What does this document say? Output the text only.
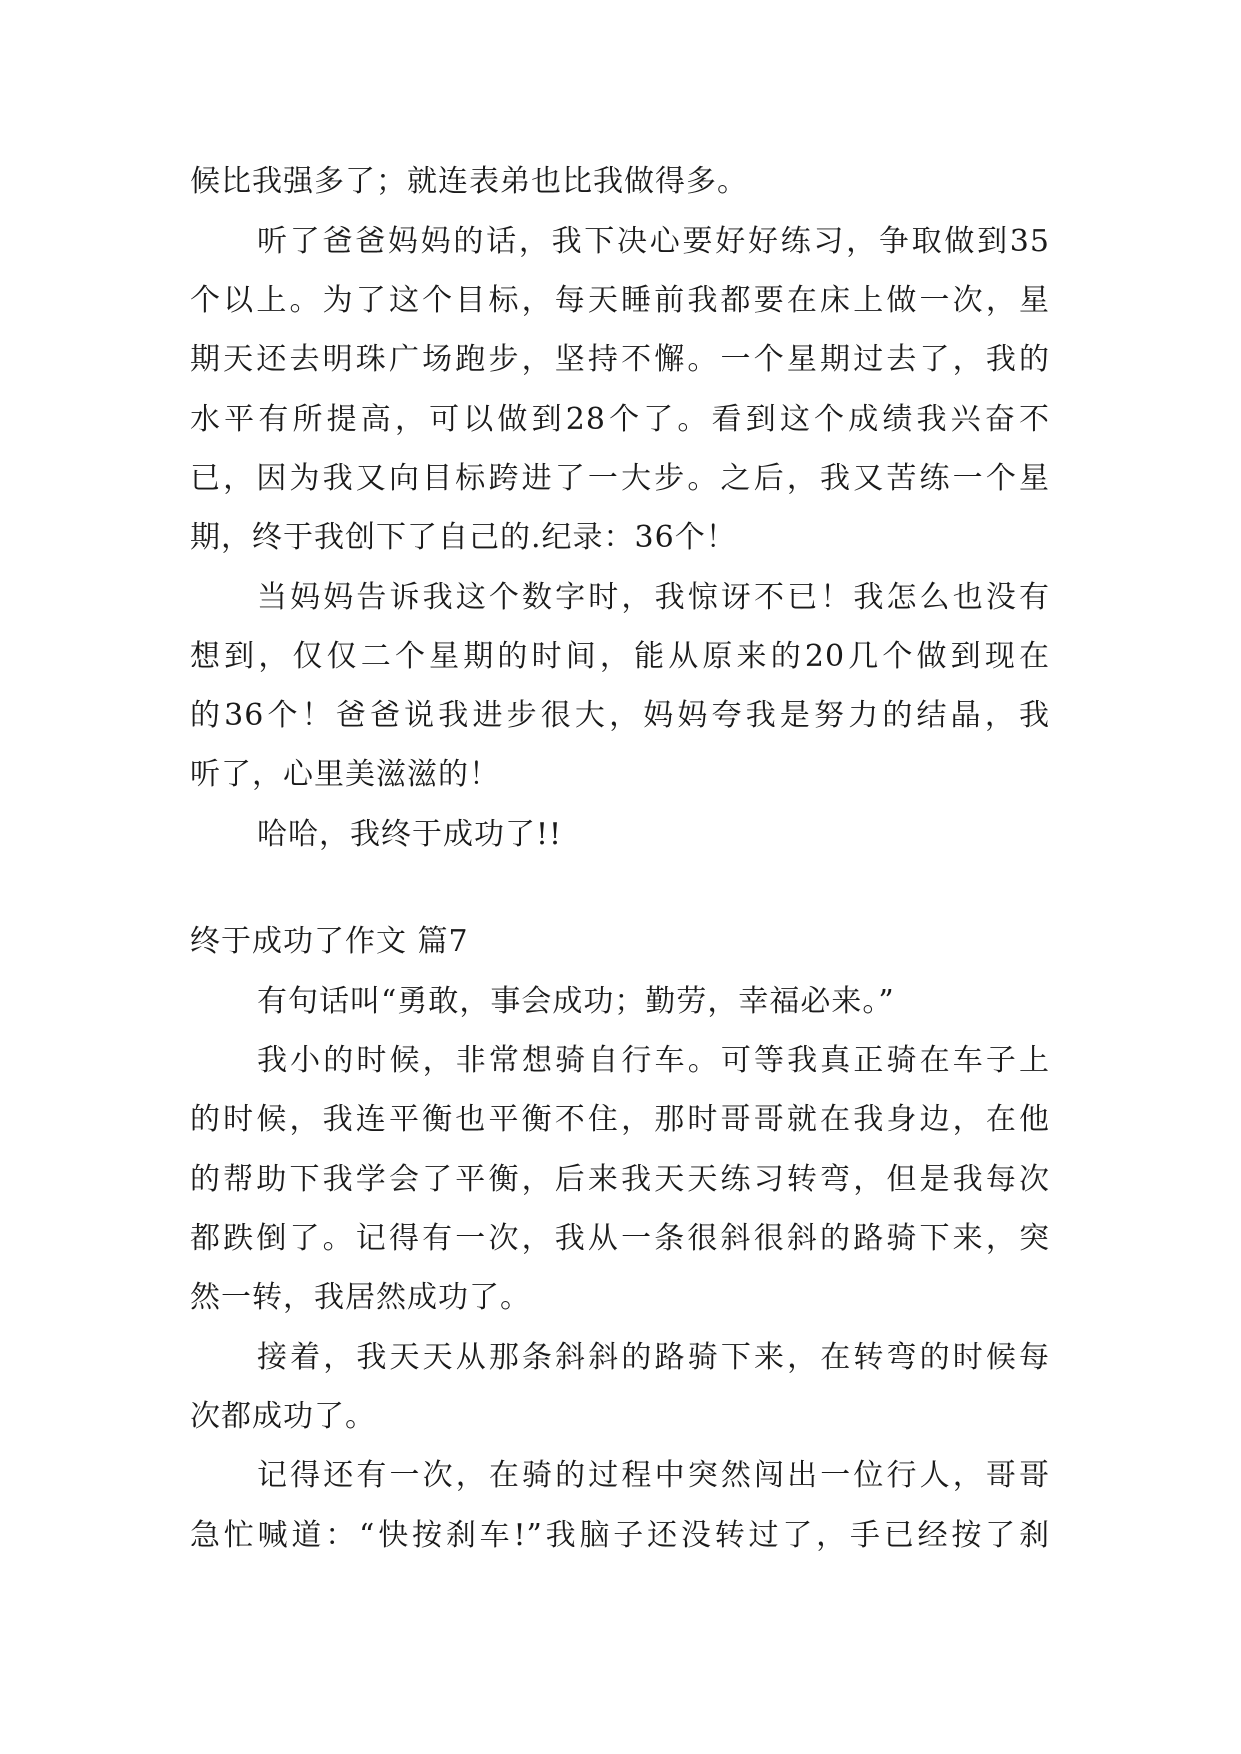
候比我强多了；就连表弟也比我做得多。
听了爸爸妈妈的话，我下决心要好好练习，争取做到35
个以上。为了这个目标，每天睡前我都要在床上做一次，星
期天还去明珠广场跑步，坚持不懈。一个星期过去了，我的
水平有所提高，可以做到28个了。看到这个成绩我兴奋不
已，因为我又向目标跨进了一大步。之后，我又苦练一个星
期，终于我创下了自己的.纪录：36个！
当妈妈告诉我这个数字时，我惊讶不已！我怎么也没有
想到，仅仅二个星期的时间，能从原来的20几个做到现在
的36个！爸爸说我进步很大，妈妈夸我是努力的结晶，我
听了，心里美滋滋的！
哈哈，我终于成功了!!
终于成功了作文 篇7
有句话叫“勇敢，事会成功；勤劳，幸福必来。”
我小的时候，非常想骑自行车。可等我真正骑在车子上
的时候，我连平衡也平衡不住，那时哥哥就在我身边，在他
的帮助下我学会了平衡，后来我天天练习转弯，但是我每次
都跌倒了。记得有一次，我从一条很斜很斜的路骑下来，突
然一转，我居然成功了。
接着，我天天从那条斜斜的路骑下来，在转弯的时候每
次都成功了。
记得还有一次，在骑的过程中突然闯出一位行人，哥哥
急忙喊道：“快按刹车!”我脑子还没转过了，手已经按了刹
